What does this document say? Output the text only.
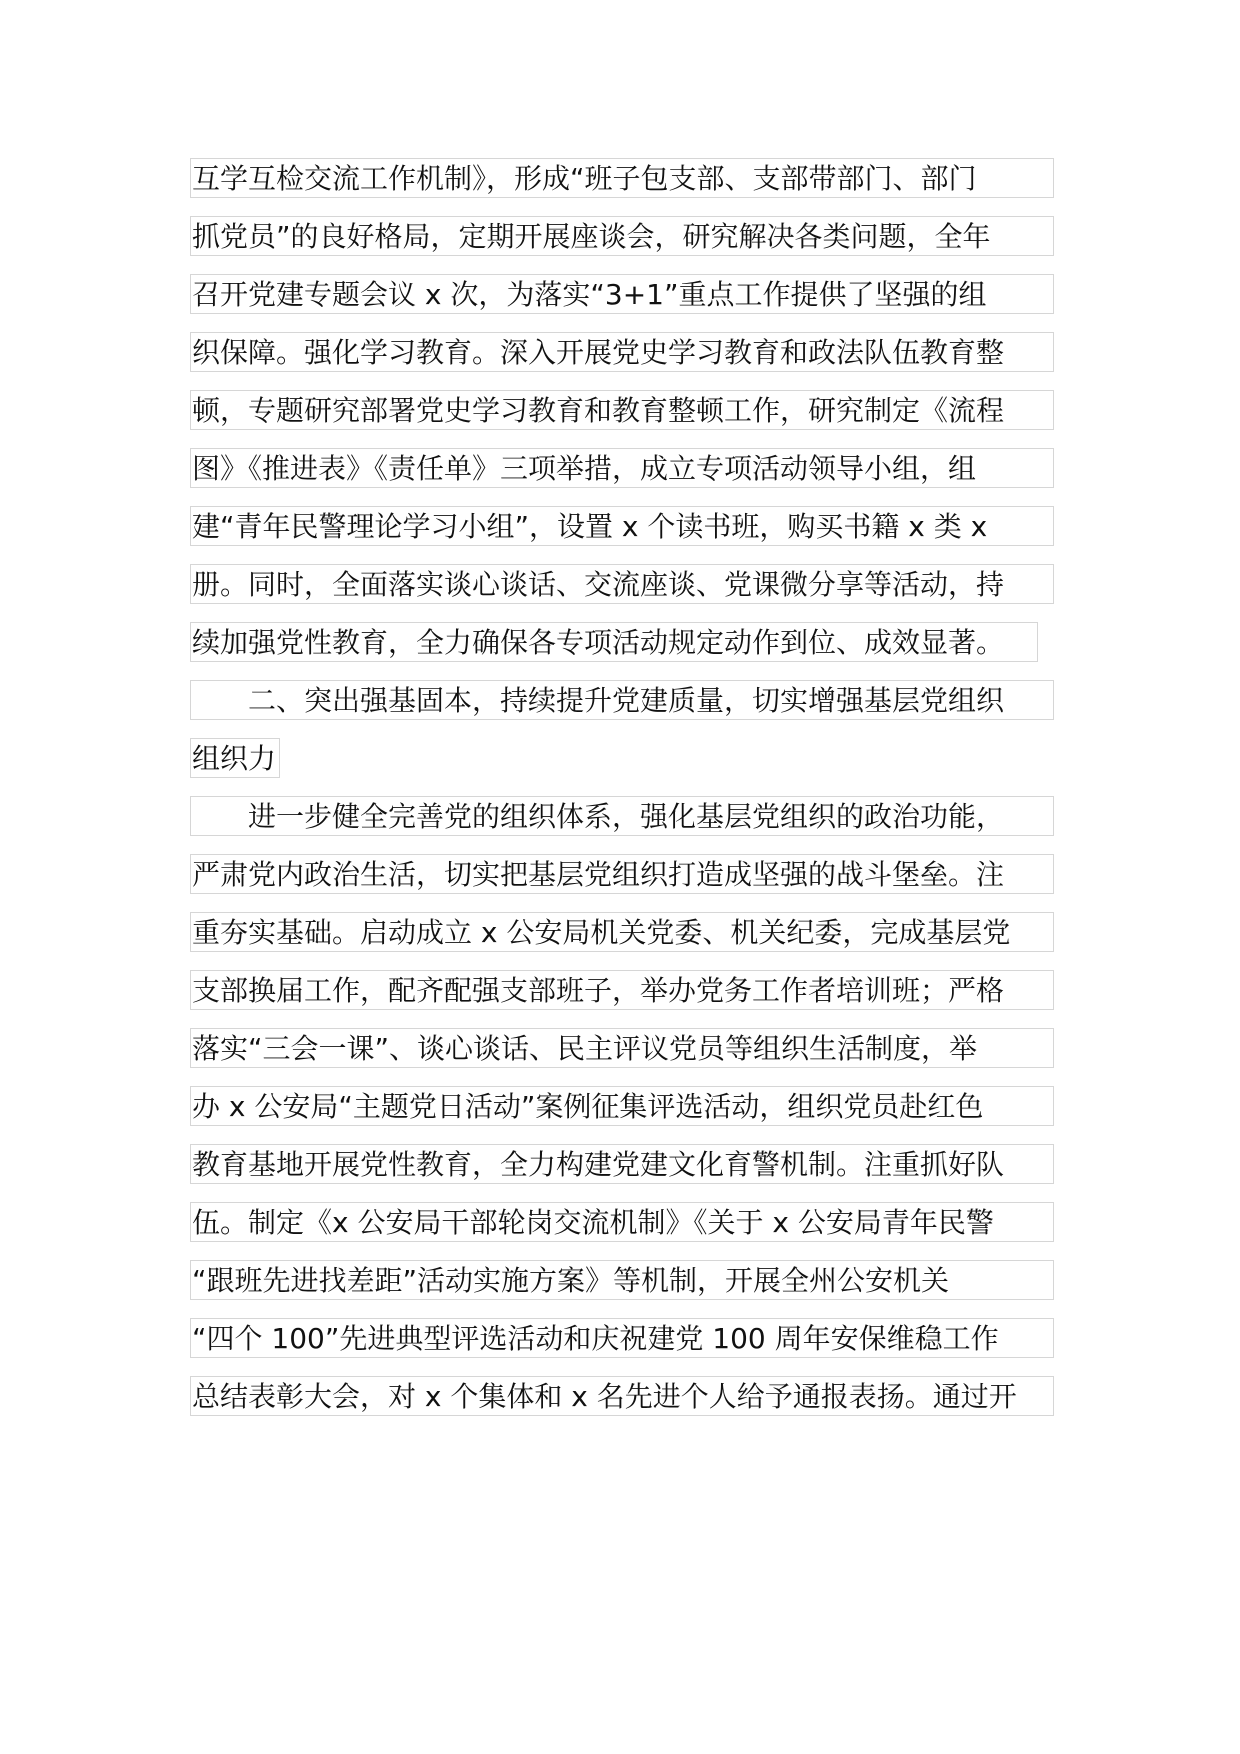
互学互检交流工作机制》，形成“班子包支部、支部带部门、部门
抓党员”的良好格局，定期开展座谈会，研究解决各类问题，全年
召开党建专题会议 x 次，为落实“3+1”重点工作提供了坚强的组
织保障。强化学习教育。深入开展党史学习教育和政法队伍教育整
顿，专题研究部署党史学习教育和教育整顿工作，研究制定《流程
图》《推进表》《责任单》三项举措，成立专项活动领导小组，组
建“青年民警理论学习小组”，设置 x 个读书班，购买书籍 x 类 x
册。同时，全面落实谈心谈话、交流座谈、党课微分享等活动，持
续加强党性教育，全力确保各专项活动规定动作到位、成效显著。
　　二、突出强基固本，持续提升党建质量，切实增强基层党组织
组织力
　　进一步健全完善党的组织体系，强化基层党组织的政治功能，
严肃党内政治生活，切实把基层党组织打造成坚强的战斗堡垒。注
重夯实基础。启动成立 x 公安局机关党委、机关纪委，完成基层党
支部换届工作，配齐配强支部班子，举办党务工作者培训班；严格
落实“三会一课”、谈心谈话、民主评议党员等组织生活制度，举
办 x 公安局“主题党日活动”案例征集评选活动，组织党员赴红色
教育基地开展党性教育，全力构建党建文化育警机制。注重抓好队
伍。制定《x 公安局干部轮岗交流机制》《关于 x 公安局青年民警
“跟班先进找差距”活动实施方案》等机制，开展全州公安机关
“四个 100”先进典型评选活动和庆祝建党 100 周年安保维稳工作
总结表彰大会，对 x 个集体和 x 名先进个人给予通报表扬。通过开
